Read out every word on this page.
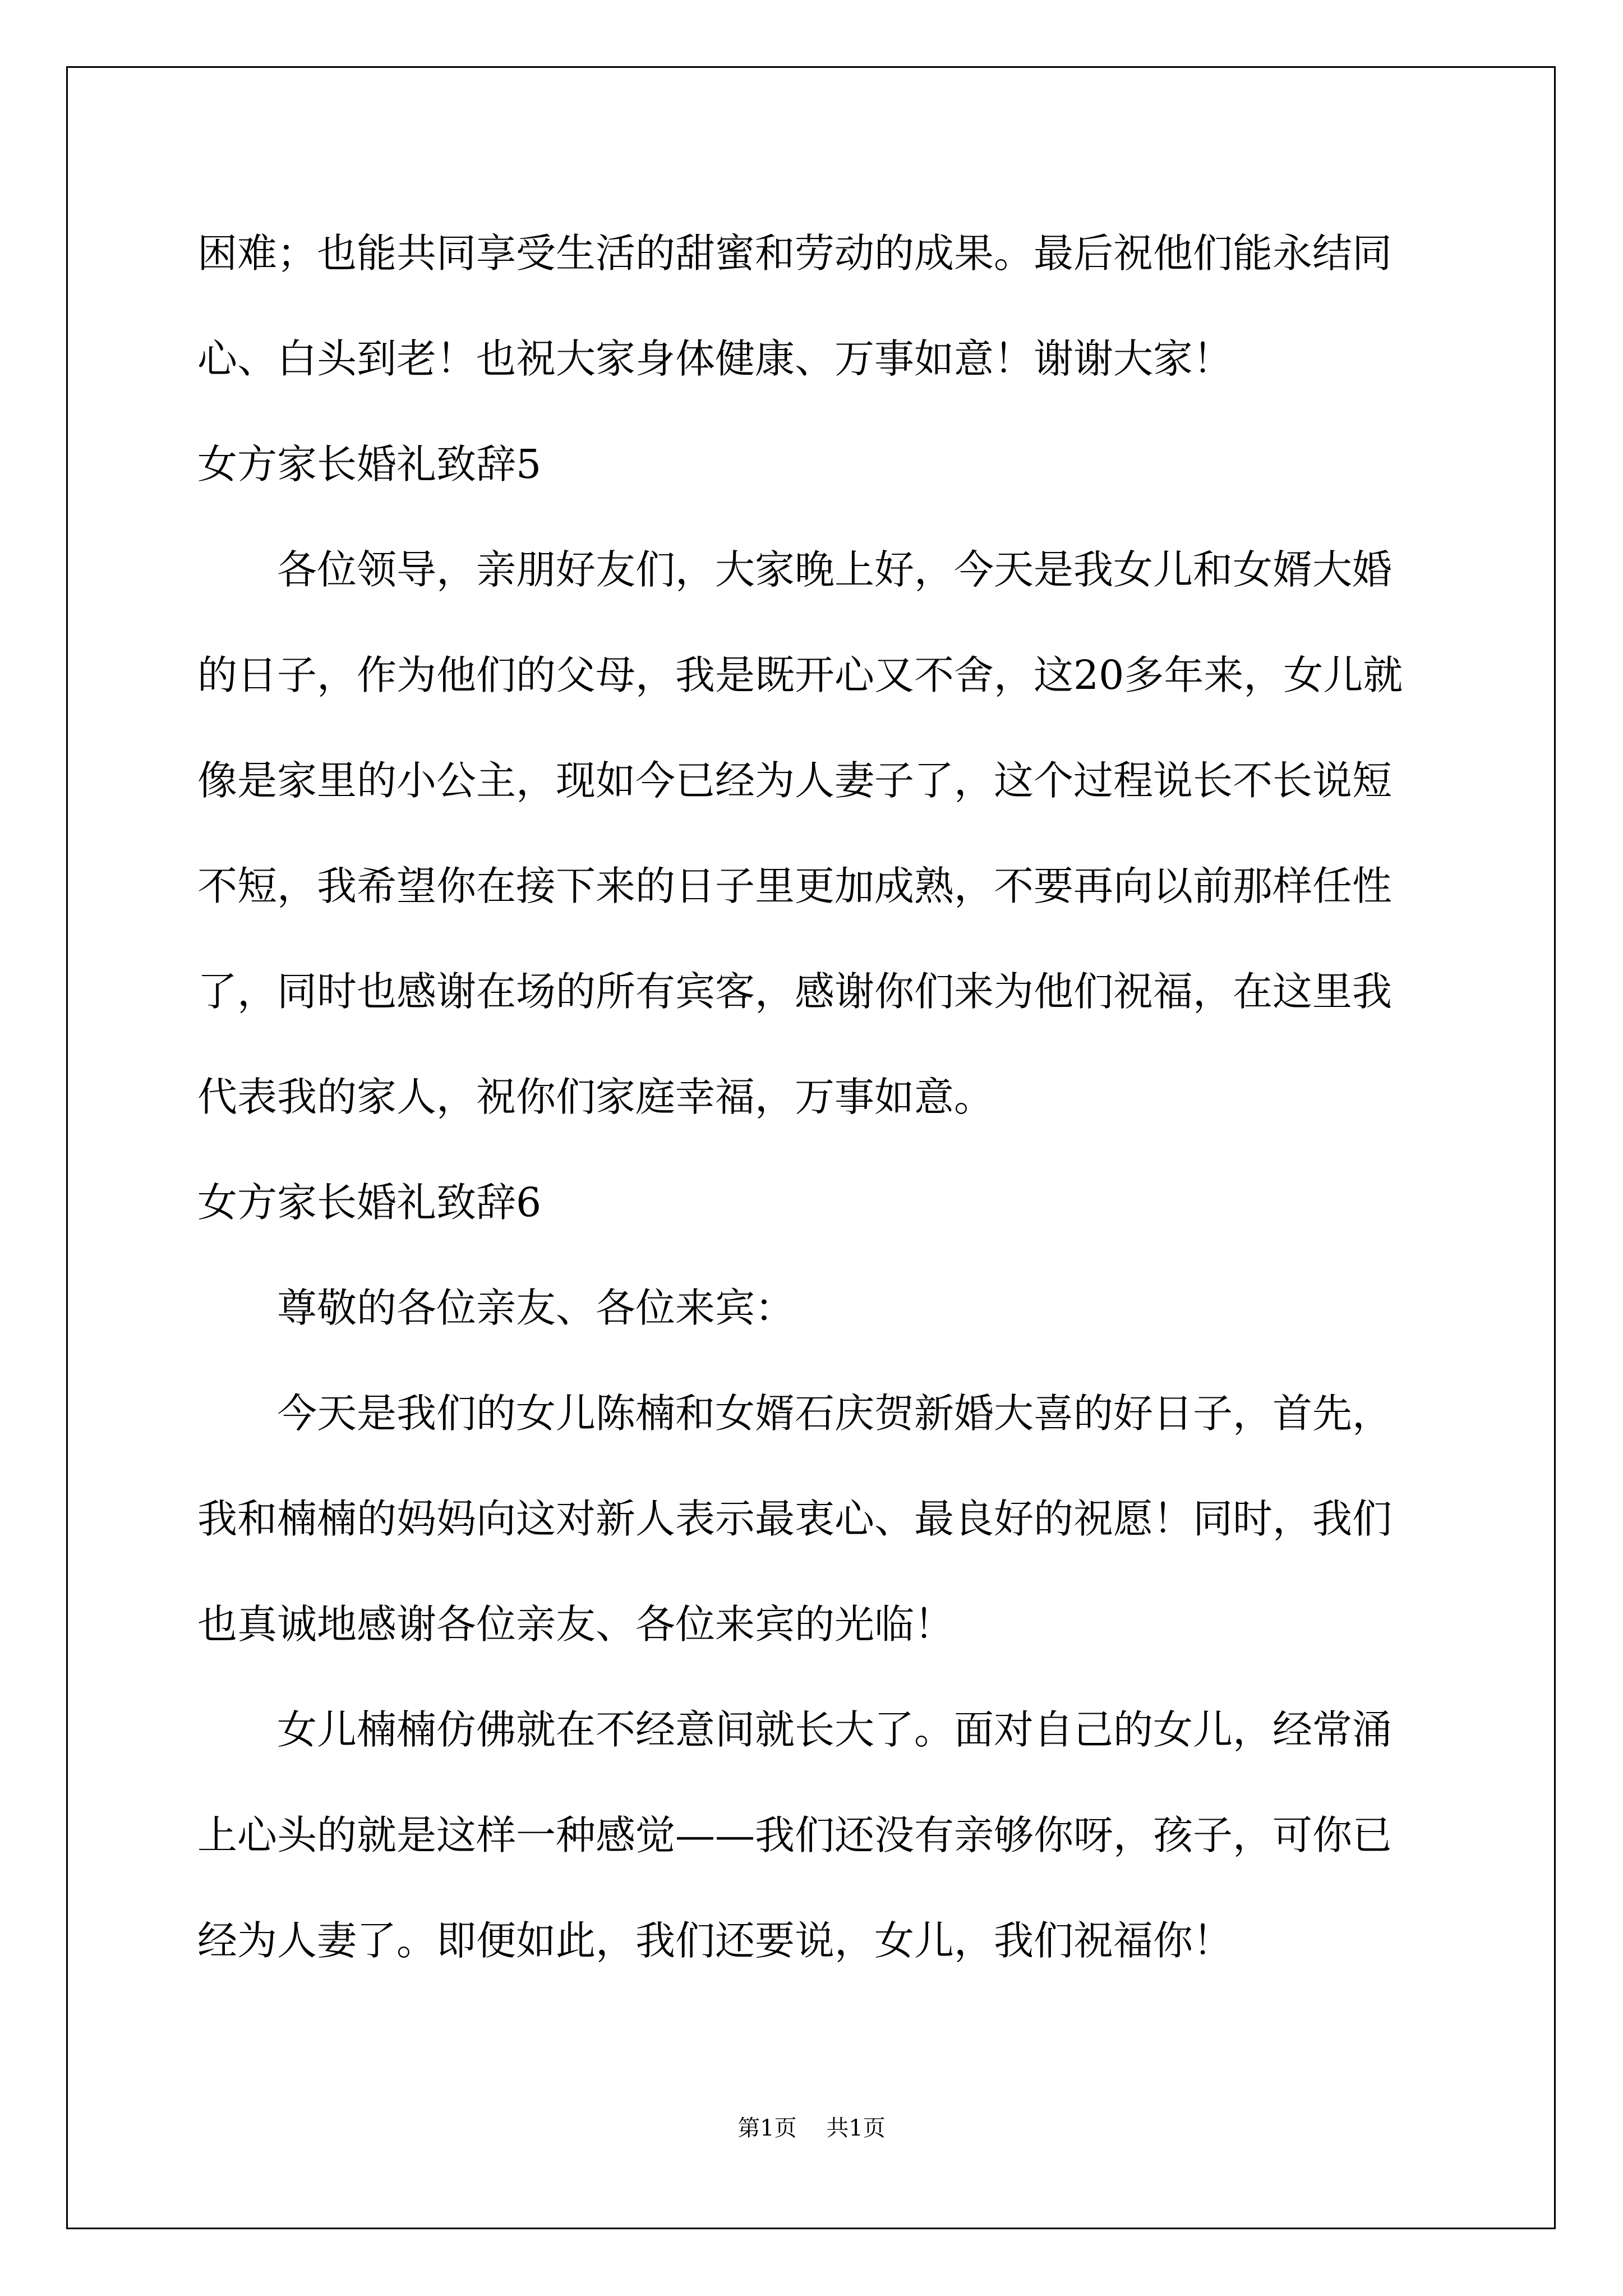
困难；也能共同享受生活的甜蜜和劳动的成果。最后祝他们能永结同心、白头到老！也祝大家身体健康、万事如意！谢谢大家！

女方家长婚礼致辞5

各位领导，亲朋好友们，大家晚上好，今天是我女儿和女婿大婚的日子，作为他们的父母，我是既开心又不舍，这20多年来，女儿就像是家里的小公主，现如今已经为人妻子了，这个过程说长不长说短不短，我希望你在接下来的日子里更加成熟，不要再向以前那样任性了，同时也感谢在场的所有宾客，感谢你们来为他们祝福，在这里我代表我的家人，祝你们家庭幸福，万事如意。

女方家长婚礼致辞6

尊敬的各位亲友、各位来宾：

今天是我们的女儿陈楠和女婿石庆贺新婚大喜的好日子，首先，我和楠楠的妈妈向这对新人表示最衷心、最良好的祝愿！同时，我们也真诚地感谢各位亲友、各位来宾的光临！

女儿楠楠仿佛就在不经意间就长大了。面对自己的女儿，经常涌上心头的就是这样一种感觉——我们还没有亲够你呀，孩子，可你已经为人妻了。即便如此，我们还要说，女儿，我们祝福你！

第1页 共1页
